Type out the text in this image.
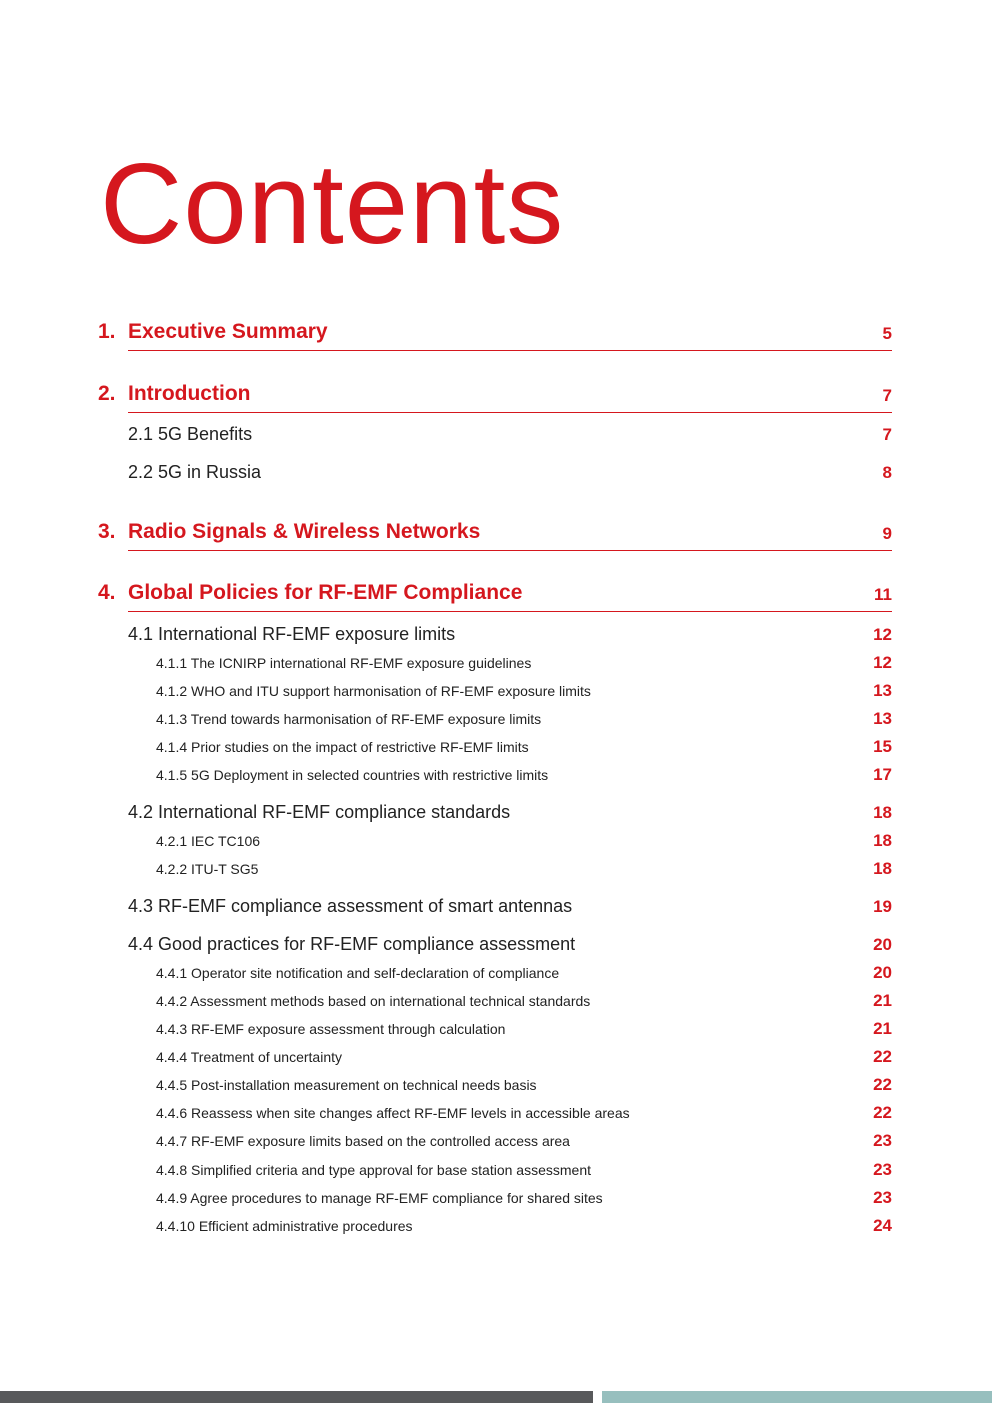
Contents
1. Executive Summary	5
2. Introduction	7
2.1 5G Benefits	7
2.2 5G in Russia	8
3. Radio Signals & Wireless Networks	9
4. Global Policies for RF-EMF Compliance	11
4.1 International RF-EMF exposure limits	12
4.1.1 The ICNIRP international RF-EMF exposure guidelines	12
4.1.2 WHO and ITU support harmonisation of RF-EMF exposure limits	13
4.1.3 Trend towards harmonisation of RF-EMF exposure limits	13
4.1.4 Prior studies on the impact of restrictive RF-EMF limits	15
4.1.5 5G Deployment in selected countries with restrictive limits	17
4.2 International RF-EMF compliance standards	18
4.2.1 IEC TC106	18
4.2.2 ITU-T SG5	18
4.3 RF-EMF compliance assessment of smart antennas	19
4.4 Good practices for RF-EMF compliance assessment	20
4.4.1 Operator site notification and self-declaration of compliance	20
4.4.2 Assessment methods based on international technical standards	21
4.4.3 RF-EMF exposure assessment through calculation	21
4.4.4 Treatment of uncertainty	22
4.4.5 Post-installation measurement on technical needs basis	22
4.4.6 Reassess when site changes affect RF-EMF levels in accessible areas	22
4.4.7 RF-EMF exposure limits based on the controlled access area	23
4.4.8 Simplified criteria and type approval for base station assessment	23
4.4.9 Agree procedures to manage RF-EMF compliance for shared sites	23
4.4.10 Efficient administrative procedures	24
